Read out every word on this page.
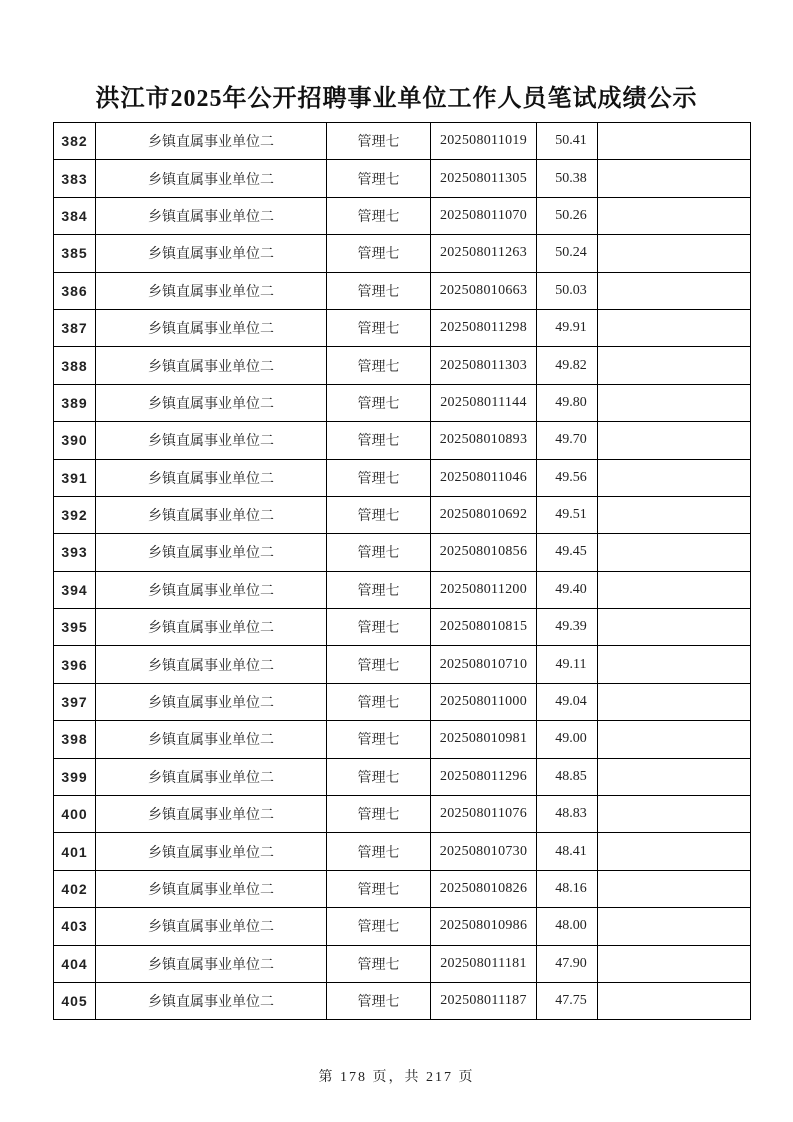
洪江市2025年公开招聘事业单位工作人员笔试成绩公示
382	乡镇直属事业单位二	管理七	202508011019	50.41	
383	乡镇直属事业单位二	管理七	202508011305	50.38	
384	乡镇直属事业单位二	管理七	202508011070	50.26	
385	乡镇直属事业单位二	管理七	202508011263	50.24	
386	乡镇直属事业单位二	管理七	202508010663	50.03	
387	乡镇直属事业单位二	管理七	202508011298	49.91	
388	乡镇直属事业单位二	管理七	202508011303	49.82	
389	乡镇直属事业单位二	管理七	202508011144	49.80	
390	乡镇直属事业单位二	管理七	202508010893	49.70	
391	乡镇直属事业单位二	管理七	202508011046	49.56	
392	乡镇直属事业单位二	管理七	202508010692	49.51	
393	乡镇直属事业单位二	管理七	202508010856	49.45	
394	乡镇直属事业单位二	管理七	202508011200	49.40	
395	乡镇直属事业单位二	管理七	202508010815	49.39	
396	乡镇直属事业单位二	管理七	202508010710	49.11	
397	乡镇直属事业单位二	管理七	202508011000	49.04	
398	乡镇直属事业单位二	管理七	202508010981	49.00	
399	乡镇直属事业单位二	管理七	202508011296	48.85	
400	乡镇直属事业单位二	管理七	202508011076	48.83	
401	乡镇直属事业单位二	管理七	202508010730	48.41	
402	乡镇直属事业单位二	管理七	202508010826	48.16	
403	乡镇直属事业单位二	管理七	202508010986	48.00	
404	乡镇直属事业单位二	管理七	202508011181	47.90	
405	乡镇直属事业单位二	管理七	202508011187	47.75	
第 178 页，共 217 页
